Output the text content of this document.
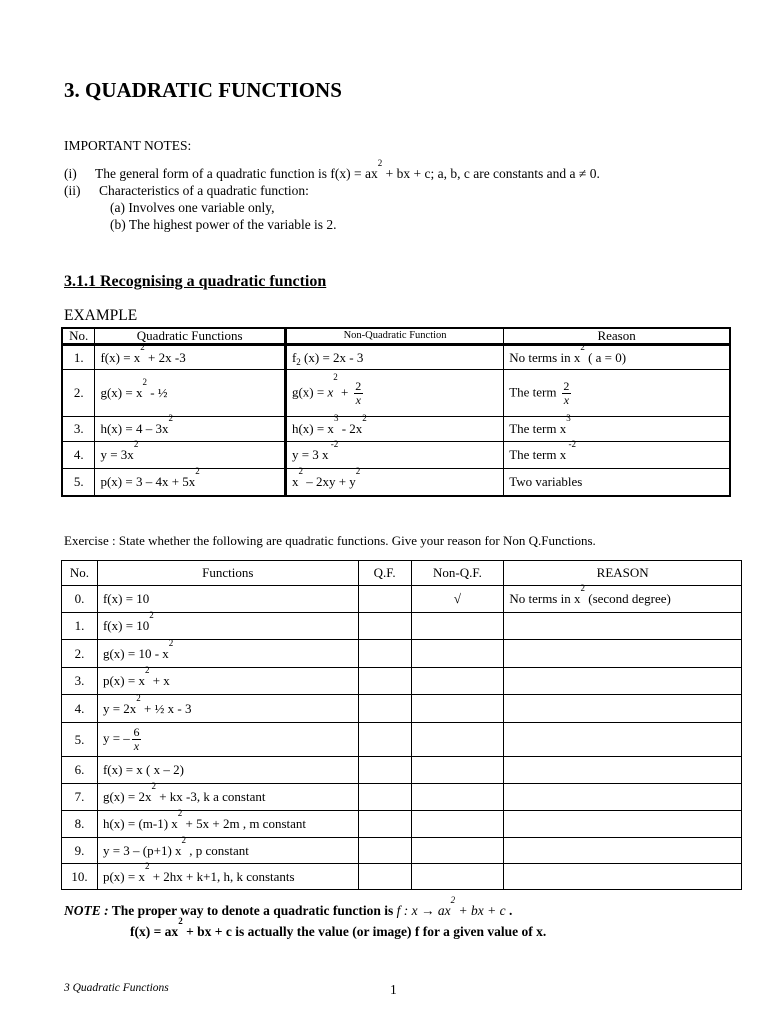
3. QUADRATIC FUNCTIONS
IMPORTANT NOTES:
(i) The general form of a quadratic function is $f(x) = ax^2$ + bx + c; a, b, c are constants and a ≠ 0.
(ii) Characteristics of a quadratic function:
(a) Involves one variable only,
(b) The highest power of the variable is 2.
3.1.1 Recognising a quadratic function
EXAMPLE
No.	Quadratic Functions	Non-Quadratic Function	Reason
1.	$f(x) = x^2 + 2x$ -3	$f_2$ (x) = 2x - 3	No terms in $x^2$ ( a = 0)
2.	$g(x) = x^2$ - ½	$g(x) = x^2 + \frac{2}{x}$	The term $\frac{2}{x}$

3.	$h(x) = 4 - 3x^2$	$h(x) = x^3 - 2x^2$	The term $x^3$
4.	$y = 3x^2$	y = 3 x $^{-2}$	The term x $^{-2}$
5.	$p(x) = 3 - 4x + 5x^2$	$x^2 - 2xy + y^2$	Two variables
Exercise : State whether the following are quadratic functions. Give your reason for Non Q.Functions.
No.	Functions	Q.F.	Non-Q.F.	REASON
0.	f(x) = 10		√	No terms in $x^2$ (second degree)
1.	$f(x) = 10^2$			
2.	$g(x) = 10 - x^2$			
3.	$p(x) = x^2 + x$			
4.	$y = 2x^2$ + ½ x - 3			
5.	y = – $\frac{6}{x}$

6.	f(x) = x ( x – 2)			
7.	$g(x) = 2x^2$ + kx -3, k a constant			
8.	h(x) = (m-1) $x^2 + 5x + 2m$ , m constant			
9.	y = 3 – (p+1) $x^2$ , p constant			
10.	$p(x) = x^2 + 2hx + k+1$, h, k constants			
NOTE : The proper way to denote a quadratic function is f : $x \to ax^2$ + bx + c .
$f(x) = ax^2$ + bx + c is actually the value (or image) f for a given value of x.
3 Quadratic Functions	1
